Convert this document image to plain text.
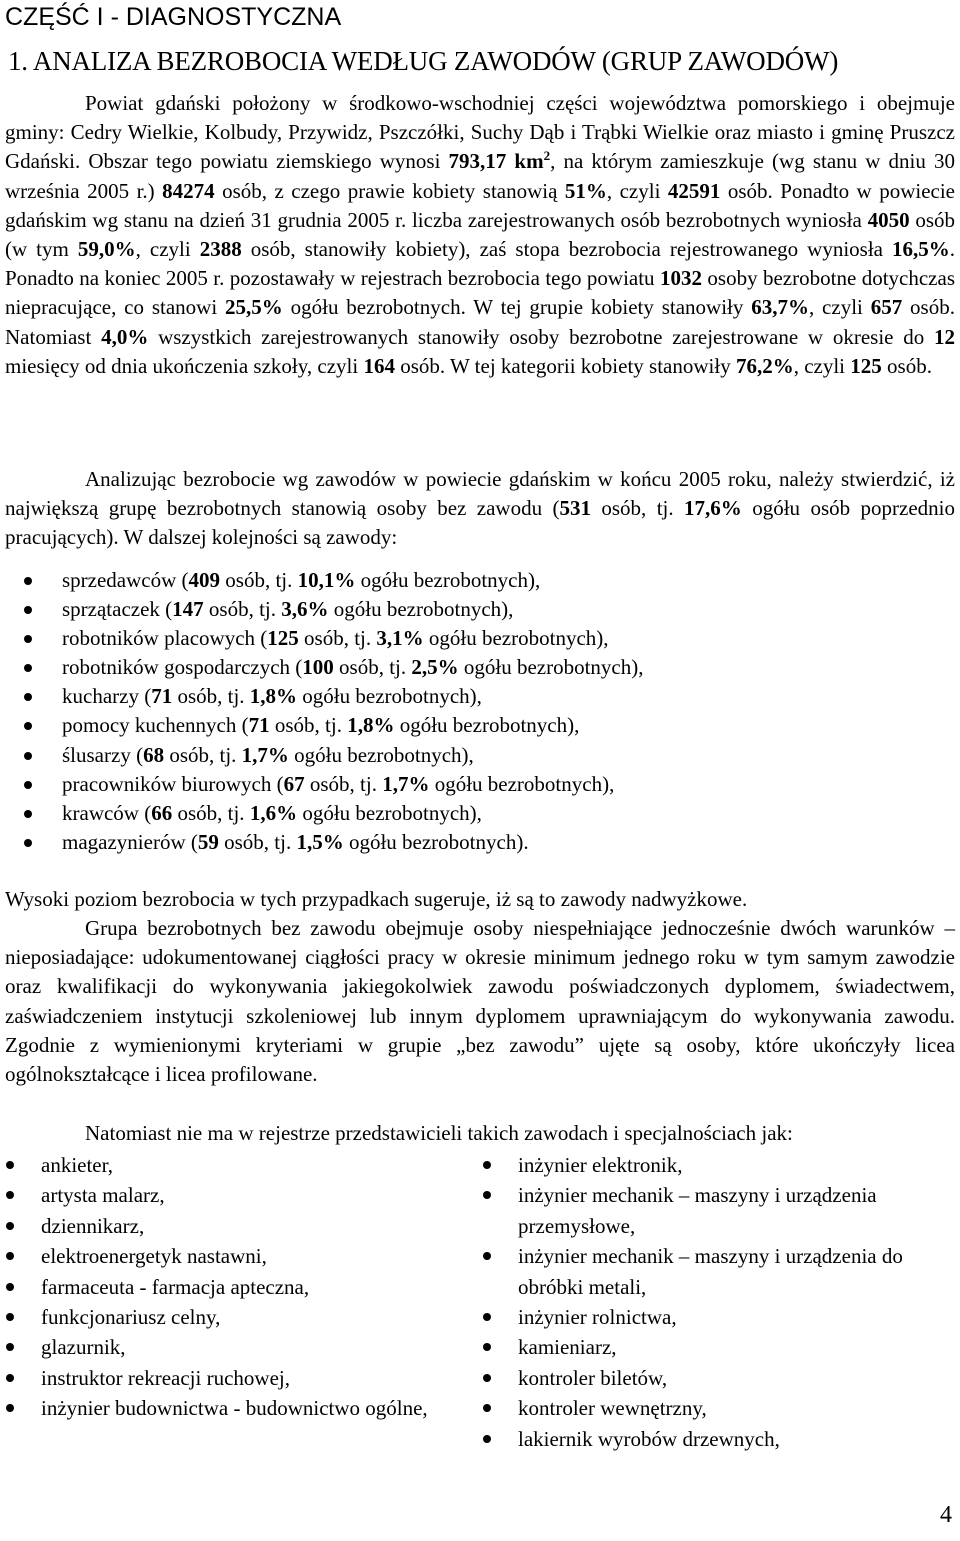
CZĘŚĆ I - DIAGNOSTYCZNA
1. ANALIZA BEZROBOCIA WEDŁUG ZAWODÓW (GRUP ZAWODÓW)

Powiat gdański położony w środkowo-wschodniej części województwa pomorskiego i obejmuje gminy: Cedry Wielkie, Kolbudy, Przywidz, Pszczółki, Suchy Dąb i Trąbki Wielkie oraz miasto i gminę Pruszcz Gdański. Obszar tego powiatu ziemskiego wynosi 793,17 $km^2$, na którym zamieszkuje (wg stanu w dniu 30 września 2005 r.) 84274 osób, z czego prawie kobiety stanowią 51%, czyli 42591 osób. Ponadto w powiecie gdańskim wg stanu na dzień 31 grudnia 2005 r. liczba zarejestrowanych osób bezrobotnych wyniosła 4050 osób (w tym 59,0%, czyli 2388 osób, stanowiły kobiety), zaś stopa bezrobocia rejestrowanego wyniosła 16,5%. Ponadto na koniec 2005 r. pozostawały w rejestrach bezrobocia tego powiatu 1032 osoby bezrobotne dotychczas niepracujące, co stanowi 25,5% ogółu bezrobotnych. W tej grupie kobiety stanowiły 63,7%, czyli 657 osób. Natomiast 4,0% wszystkich zarejestrowanych stanowiły osoby bezrobotne zarejestrowane w okresie do 12 miesięcy od dnia ukończenia szkoły, czyli 164 osób. W tej kategorii kobiety stanowiły 76,2%, czyli 125 osób.

Analizując bezrobocie wg zawodów w powiecie gdańskim w końcu 2005 roku, należy stwierdzić, iż największą grupę bezrobotnych stanowią osoby bez zawodu (531 osób, tj. 17,6% ogółu osób poprzednio pracujących). W dalszej kolejności są zawody:

sprzedawców (409 osób, tj. 10,1% ogółu bezrobotnych),
sprzątaczek (147 osób, tj. 3,6% ogółu bezrobotnych),
robotników placowych (125 osób, tj. 3,1% ogółu bezrobotnych),
robotników gospodarczych (100 osób, tj. 2,5% ogółu bezrobotnych),
kucharzy (71 osób, tj. 1,8% ogółu bezrobotnych),
pomocy kuchennych (71 osób, tj. 1,8% ogółu bezrobotnych),
ślusarzy (68 osób, tj. 1,7% ogółu bezrobotnych),
pracowników biurowych (67 osób, tj. 1,7% ogółu bezrobotnych),
krawców (66 osób, tj. 1,6% ogółu bezrobotnych),
magazynierów (59 osób, tj. 1,5% ogółu bezrobotnych).

Wysoki poziom bezrobocia w tych przypadkach sugeruje, iż są to zawody nadwyżkowe.

Grupa bezrobotnych bez zawodu obejmuje osoby niespełniające jednocześnie dwóch warunków – nieposiadające: udokumentowanej ciągłości pracy w okresie minimum jednego roku w tym samym zawodzie oraz kwalifikacji do wykonywania jakiegokolwiek zawodu poświadczonych dyplomem, świadectwem, zaświadczeniem instytucji szkoleniowej lub innym dyplomem uprawniającym do wykonywania zawodu. Zgodnie z wymienionymi kryteriami w grupie „bez zawodu” ujęte są osoby, które ukończyły licea ogólnokształcące i licea profilowane.

Natomiast nie ma w rejestrze przedstawicieli takich zawodach i specjalnościach jak:

ankieter,
artysta malarz,
dziennikarz,
elektroenergetyk nastawni,
farmaceuta - farmacja apteczna,
funkcjonariusz celny,
glazurnik,
instruktor rekreacji ruchowej,
inżynier budownictwa - budownictwo ogólne,
inżynier elektronik,
inżynier mechanik – maszyny i urządzenia przemysłowe,
inżynier mechanik – maszyny i urządzenia do obróbki metali,
inżynier rolnictwa,
kamieniarz,
kontroler biletów,
kontroler wewnętrzny,
lakiernik wyrobów drzewnych,
4
